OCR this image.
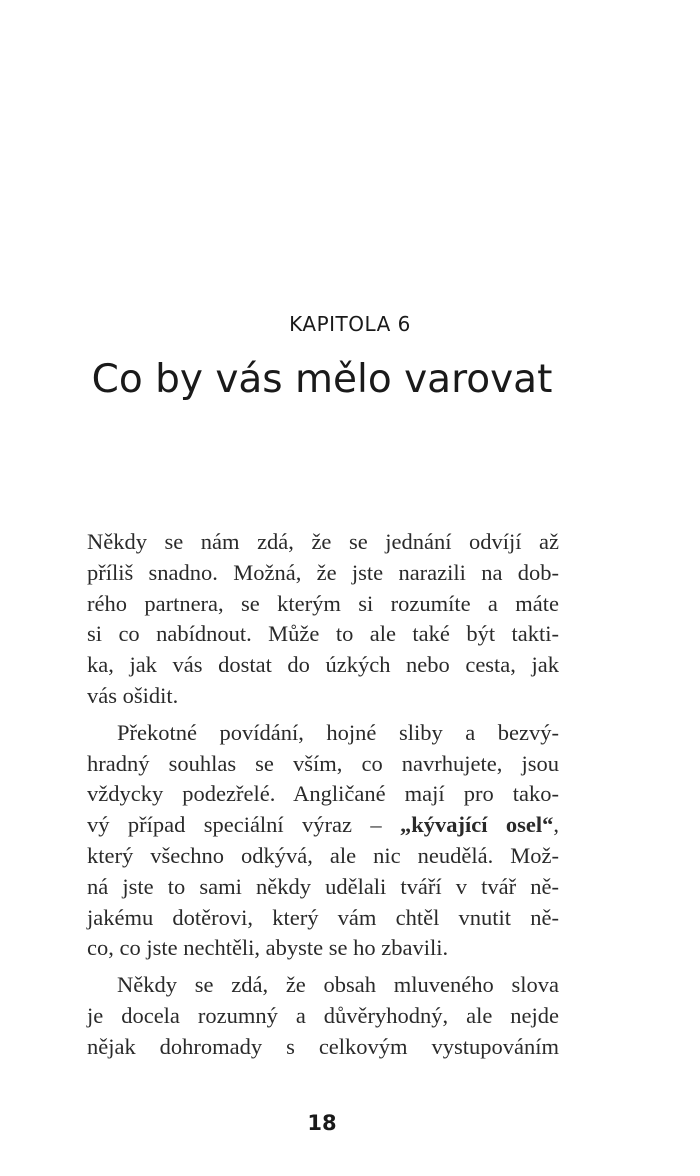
KAPITOLA 6
Co by vás mělo varovat
Někdy se nám zdá, že se jednání odvíjí až
příliš snadno. Možná, že jste narazili na dob-
rého partnera, se kterým si rozumíte a máte
si co nabídnout. Může to ale také být takti-
ka, jak vás dostat do úzkých nebo cesta, jak
vás ošidit.
Překotné povídání, hojné sliby a bezvý-
hradný souhlas se vším, co navrhujete, jsou
vždycky podezřelé. Angličané mají pro tako-
vý případ speciální výraz – „kývající osel“,
který všechno odkývá, ale nic neudělá. Mož-
ná jste to sami někdy udělali tváří v tvář ně-
jakému dotěrovi, který vám chtěl vnutit ně-
co, co jste nechtěli, abyste se ho zbavili.
Někdy se zdá, že obsah mluveného slova
je docela rozumný a důvěryhodný, ale nejde
nějak dohromady s celkovým vystupováním
18
